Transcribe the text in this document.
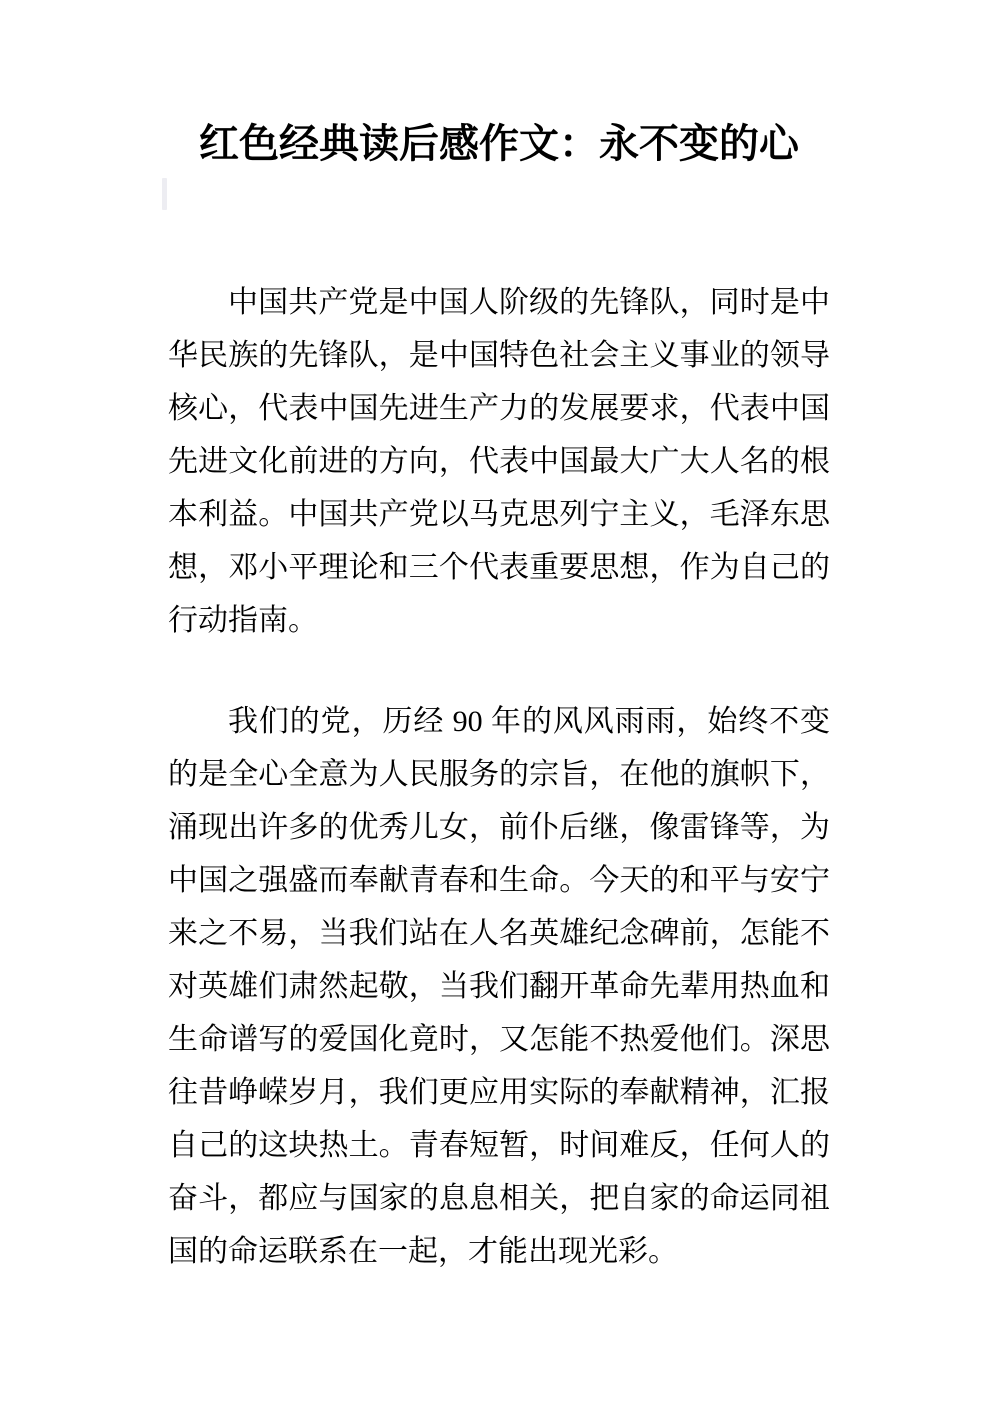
红色经典读后感作文：永不变的心

中国共产党是中国人阶级的先锋队，同时是中华民族的先锋队，是中国特色社会主义事业的领导核心，代表中国先进生产力的发展要求，代表中国先进文化前进的方向，代表中国最大广大人名的根本利益。中国共产党以马克思列宁主义，毛泽东思想，邓小平理论和三个代表重要思想，作为自己的行动指南。

我们的党，历经 90 年的风风雨雨，始终不变的是全心全意为人民服务的宗旨，在他的旗帜下，涌现出许多的优秀儿女，前仆后继，像雷锋等，为中国之强盛而奉献青春和生命。今天的和平与安宁来之不易，当我们站在人名英雄纪念碑前，怎能不对英雄们肃然起敬，当我们翻开革命先辈用热血和生命谱写的爱国化竟时，又怎能不热爱他们。深思往昔峥嵘岁月，我们更应用实际的奉献精神，汇报自己的这块热土。青春短暂，时间难反，任何人的奋斗，都应与国家的息息相关，把自家的命运同祖国的命运联系在一起，才能出现光彩。
